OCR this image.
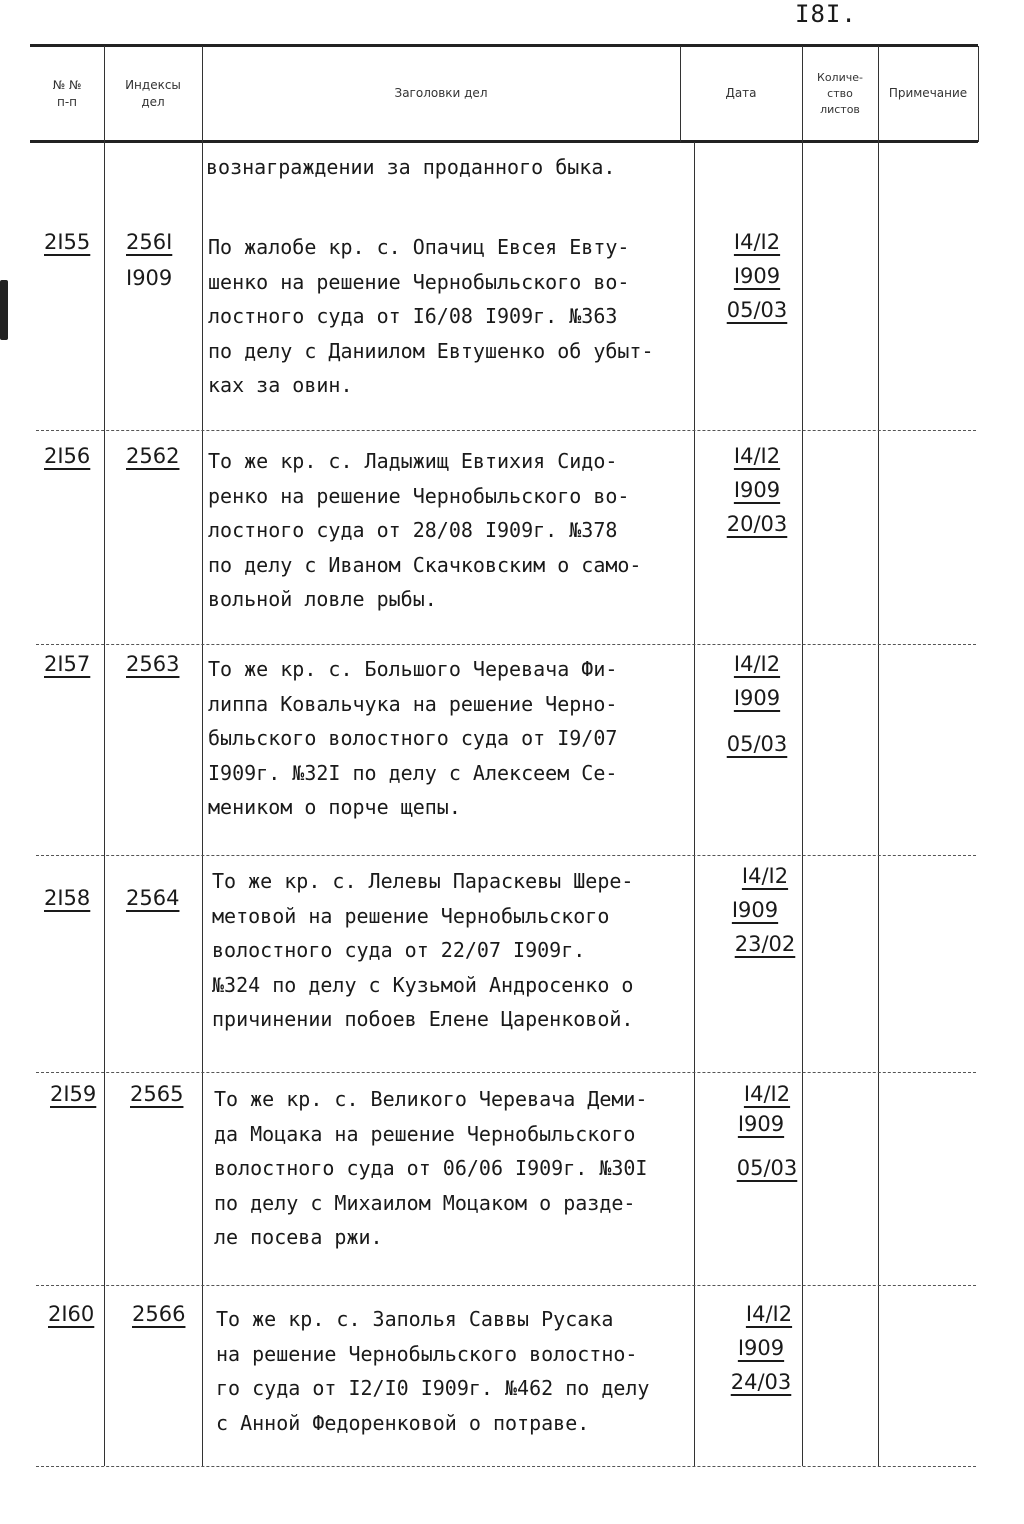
I8I.
№ №
п-п
Индексы
дел
Заголовки дел	Дата
Количе-
ство
листов
Примечание
вознаграждении за проданного быка.
2I55 256I
I909
По жалобе кр. с. Опачиц Евсея Евту-
шенко на решение Чернобыльского во-
лостного суда от I6/08 I909г. №363
по делу с Даниилом Евтушенко об убыт-
ках за овин.
I4/I2
I909
05/03
2I56 2562 То же кр. с. Ладыжищ Евтихия Сидо-
ренко на решение Чернобыльского во-
лостного суда от 28/08 I909г. №378
по делу с Иваном Скачковским о само-
вольной ловле рыбы.
I4/I2
I909
20/03
2I57 2563 То же кр. с. Большого Черевача Фи-
липпа Ковальчука на решение Черно-
быльского волостного суда от I9/07
I909г. №32I по делу с Алексеем Се-
меником о порче щепы.
I4/I2
I909
05/03
2I58 2564
То же кр. с. Лелевы Параскевы Шере-
метовой на решение Чернобыльского
волостного суда от 22/07 I909г.
№324 по делу с Кузьмой Андросенко о
причинении побоев Елене Царенковой.
I4/I2
I909
23/02
2I59 2565 То же кр. с. Великого Черевача Деми-
да Моцака на решение Чернобыльского
волостного суда от 06/06 I909г. №30I
по делу с Михаилом Моцаком о разде-
ле посева ржи.
I4/I2
I909
05/03
2I60 2566 То же кр. с. Заполья Саввы Русака
на решение Чернобыльского волостно-
го суда от I2/I0 I909г. №462 по делу
с Анной Федоренковой о потраве.
I4/I2
I909
24/03
